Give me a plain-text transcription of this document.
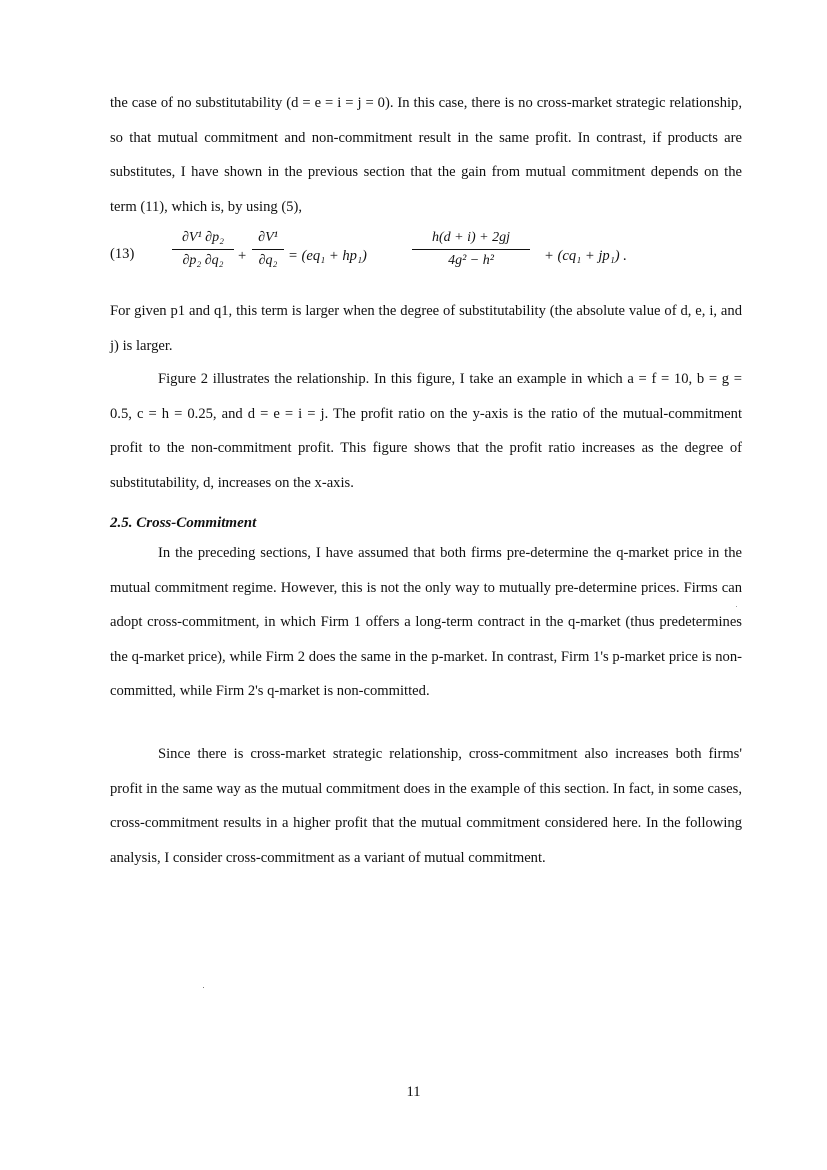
the case of no substitutability (d = e = i = j = 0). In this case, there is no cross-market strategic relationship, so that mutual commitment and non-commitment result in the same profit. In contrast, if products are substitutes, I have shown in the previous section that the gain from mutual commitment depends on the term (11), which is, by using (5),
(13)
∂V¹ ∂p₂
∂p₂ ∂q₂ +
∂V¹
∂q₂ = (eq₁ + hp₁)
h(d + i) + 2gj
4g² − h²	+ (cq₁ + jp₁) .
For given p1 and q1, this term is larger when the degree of substitutability (the absolute value of d, e, i, and j) is larger.
Figure 2 illustrates the relationship. In this figure, I take an example in which a = f = 10, b = g = 0.5, c = h = 0.25, and d = e = i = j. The profit ratio on the y-axis is the ratio of the mutual-commitment profit to the non-commitment profit. This figure shows that the profit ratio increases as the degree of substitutability, d, increases on the x-axis.
2.5. Cross-Commitment
In the preceding sections, I have assumed that both firms pre-determine the q-market price in the mutual commitment regime. However, this is not the only way to mutually pre-determine prices. Firms can adopt cross-commitment, in which Firm 1 offers a long-term contract in the q-market (thus predetermines the q-market price), while Firm 2 does the same in the p-market. In contrast, Firm 1's p-market price is non-committed, while Firm 2's q-market is non-committed.
Since there is cross-market strategic relationship, cross-commitment also increases both firms' profit in the same way as the mutual commitment does in the example of this section. In fact, in some cases, cross-commitment results in a higher profit that the mutual commitment considered here. In the following analysis, I consider cross-commitment as a variant of mutual commitment.
11
